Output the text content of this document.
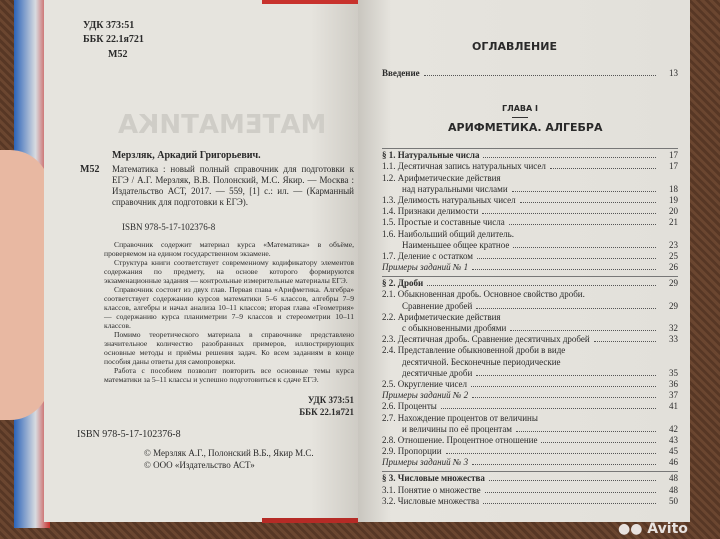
МАТЕМАТИКА
УДК 373:51
ББК 22.1я721
М52
Мерзляк, Аркадий Григорьевич.
М52 Математика : новый полный справочник для подготовки к ЕГЭ / А.Г. Мерзляк, В.В. Полонский, М.С. Якир. — Москва : Издательство АСТ, 2017. — 559, [1] с.: ил. — (Карманный справочник для подготовки к ЕГЭ).
ISBN 978-5-17-102376-8

Справочник содержит материал курса «Математика» в объёме, проверяемом на едином государственном экзамене.

Структура книги соответствует современному кодификатору элементов содержания по предмету, на основе которого формируются экзаменационные задания — контрольные измерительные материалы ЕГЭ.

Справочник состоит из двух глав. Первая глава «Арифметика. Алгебра» соответствует содержанию курсов математики 5–6 классов, алгебры 7–9 классов, алгебры и начал анализа 10–11 классов; вторая глава «Геометрия» — содержанию курса планиметрии 7–9 классов и стереометрии 10–11 классов.

Помимо теоретического материала в справочнике представлено значительное количество разобранных примеров, иллюстрирующих основные методы и приёмы решения задач. Ко всем заданиям в конце пособия даны ответы для самопроверки.

Работа с пособием позволит повторить все основные темы курса математики за 5–11 классы и успешно подготовиться к сдаче ЕГЭ.

УДК 373:51
ББК 22.1я721
ISBN 978-5-17-102376-8
© Мерзляк А.Г., Полонский В.Б., Якир М.С.
© ООО «Издательство АСТ»
ОГЛАВЛЕНИЕ
Введение	13
ГЛАВА I
АРИФМЕТИКА. АЛГЕБРА
§ 1. Натуральные числа	17
1.1. Десятичная запись натуральных чисел	17
1.2. Арифметические действия
над натуральными числами	18
1.3. Делимость натуральных чисел	19
1.4. Признаки делимости	20
1.5. Простые и составные числа	21
1.6. Наибольший общий делитель.
Наименьшее общее кратное	23
1.7. Деление с остатком	25
Примеры заданий № 1	26
§ 2. Дроби	29
2.1. Обыкновенная дробь. Основное свойство дроби.
Сравнение дробей	29
2.2. Арифметические действия
с обыкновенными дробями	32
2.3. Десятичная дробь. Сравнение десятичных дробей	33
2.4. Представление обыкновенной дроби в виде
десятичной. Бесконечные периодические
десятичные дроби	35
2.5. Округление чисел	36
Примеры заданий № 2	37
2.6. Проценты	41
2.7. Нахождение процентов от величины
и величины по её процентам	42
2.8. Отношение. Процентное отношение	43
2.9. Пропорции	45
Примеры заданий № 3	46
§ 3. Числовые множества	48
3.1. Понятие о множестве	48
3.2. Числовые множества	50
●● Avito
